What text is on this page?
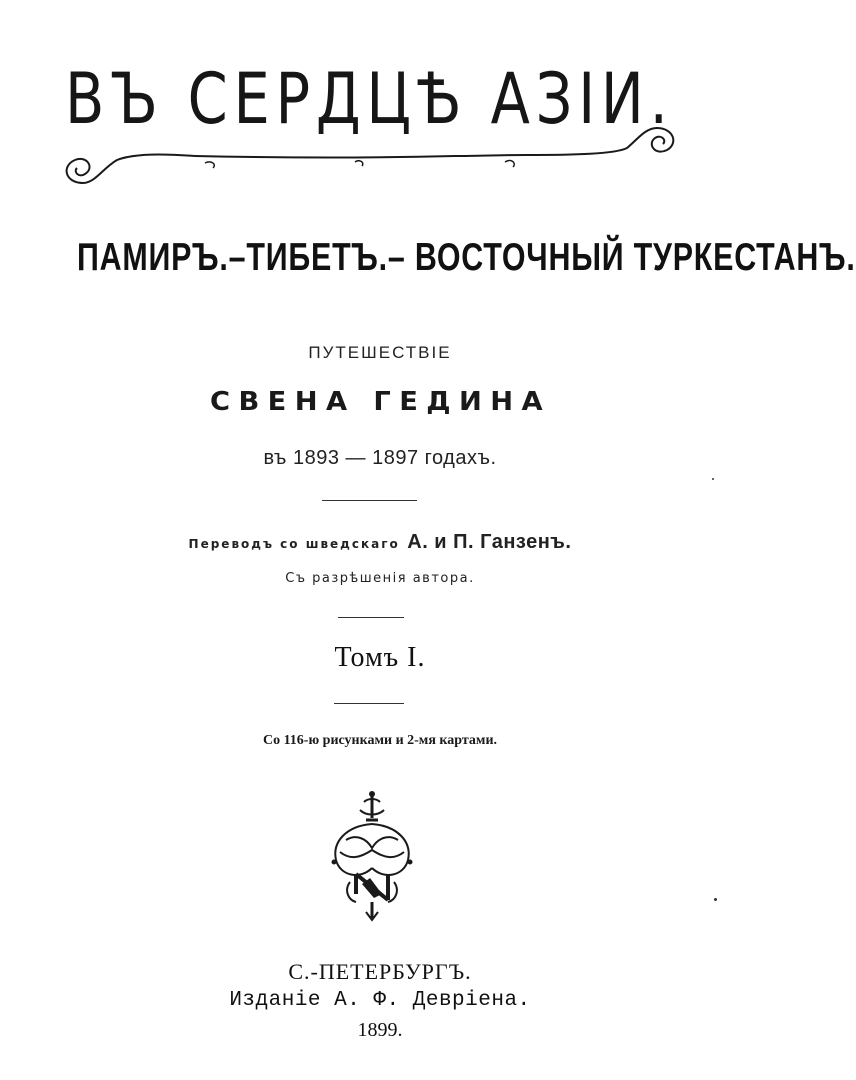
ВЪ СЕРДЦѢ АЗІИ.
ПАМИРЪ.–ТИБЕТЪ.– ВОСТОЧНЫЙ ТУРКЕСТАНЪ.
ПУТЕШЕСТВІЕ
СВЕНА ГЕДИНА
въ 1893 — 1897 годахъ.
Переводъ со шведскаго А. и П. Ганзенъ.
Съ разрѣшенія автора.
Томъ I.
Со 116-ю рисунками и 2-мя картами.
С.-ПЕТЕРБУРГЪ.
Изданіе А. Ф. Девріена.
1899.
